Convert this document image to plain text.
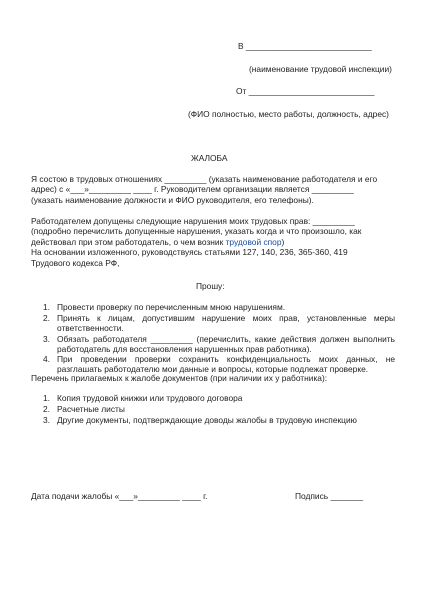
В ___________________________
(наименование трудовой инспекции)
От ___________________________
(ФИО полностью, место работы, должность, адрес)
ЖАЛОБА
Я состою в трудовых отношениях _________ (указать наименование работодателя и его
адрес) с «___»_________ ____ г. Руководителем организации является _________
(указать наименование должности и ФИО руководителя, его телефоны).
Работодателем допущены следующие нарушения моих трудовых прав: _________
(подробно перечислить допущенные нарушения, указать когда и что произошло, как
действовал при этом работодатель, о чем возник трудовой спор)
На основании изложенного, руководствуясь статьями 127, 140, 236, 365-360, 419
Трудового кодекса РФ,
Прошу:
1. Провести проверку по перечисленным мною нарушениям.
2. Принять к лицам, допустившим нарушение моих прав, установленные меры ответственности.
3. Обязать работодателя _________ (перечислить, какие действия должен выполнить работодатель для восстановления нарушенных прав работника).
4. При проведении проверки сохранить конфиденциальность моих данных, не разглашать работодателю мои данные и вопросы, которые подлежат проверке.
Перечень прилагаемых к жалобе документов (при наличии их у работника):
1. Копия трудовой книжки или трудового договора
2. Расчетные листы
3. Другие документы, подтверждающие доводы жалобы в трудовую инспекцию
Дата подачи жалобы «___»_________ ____ г.	Подпись _______
